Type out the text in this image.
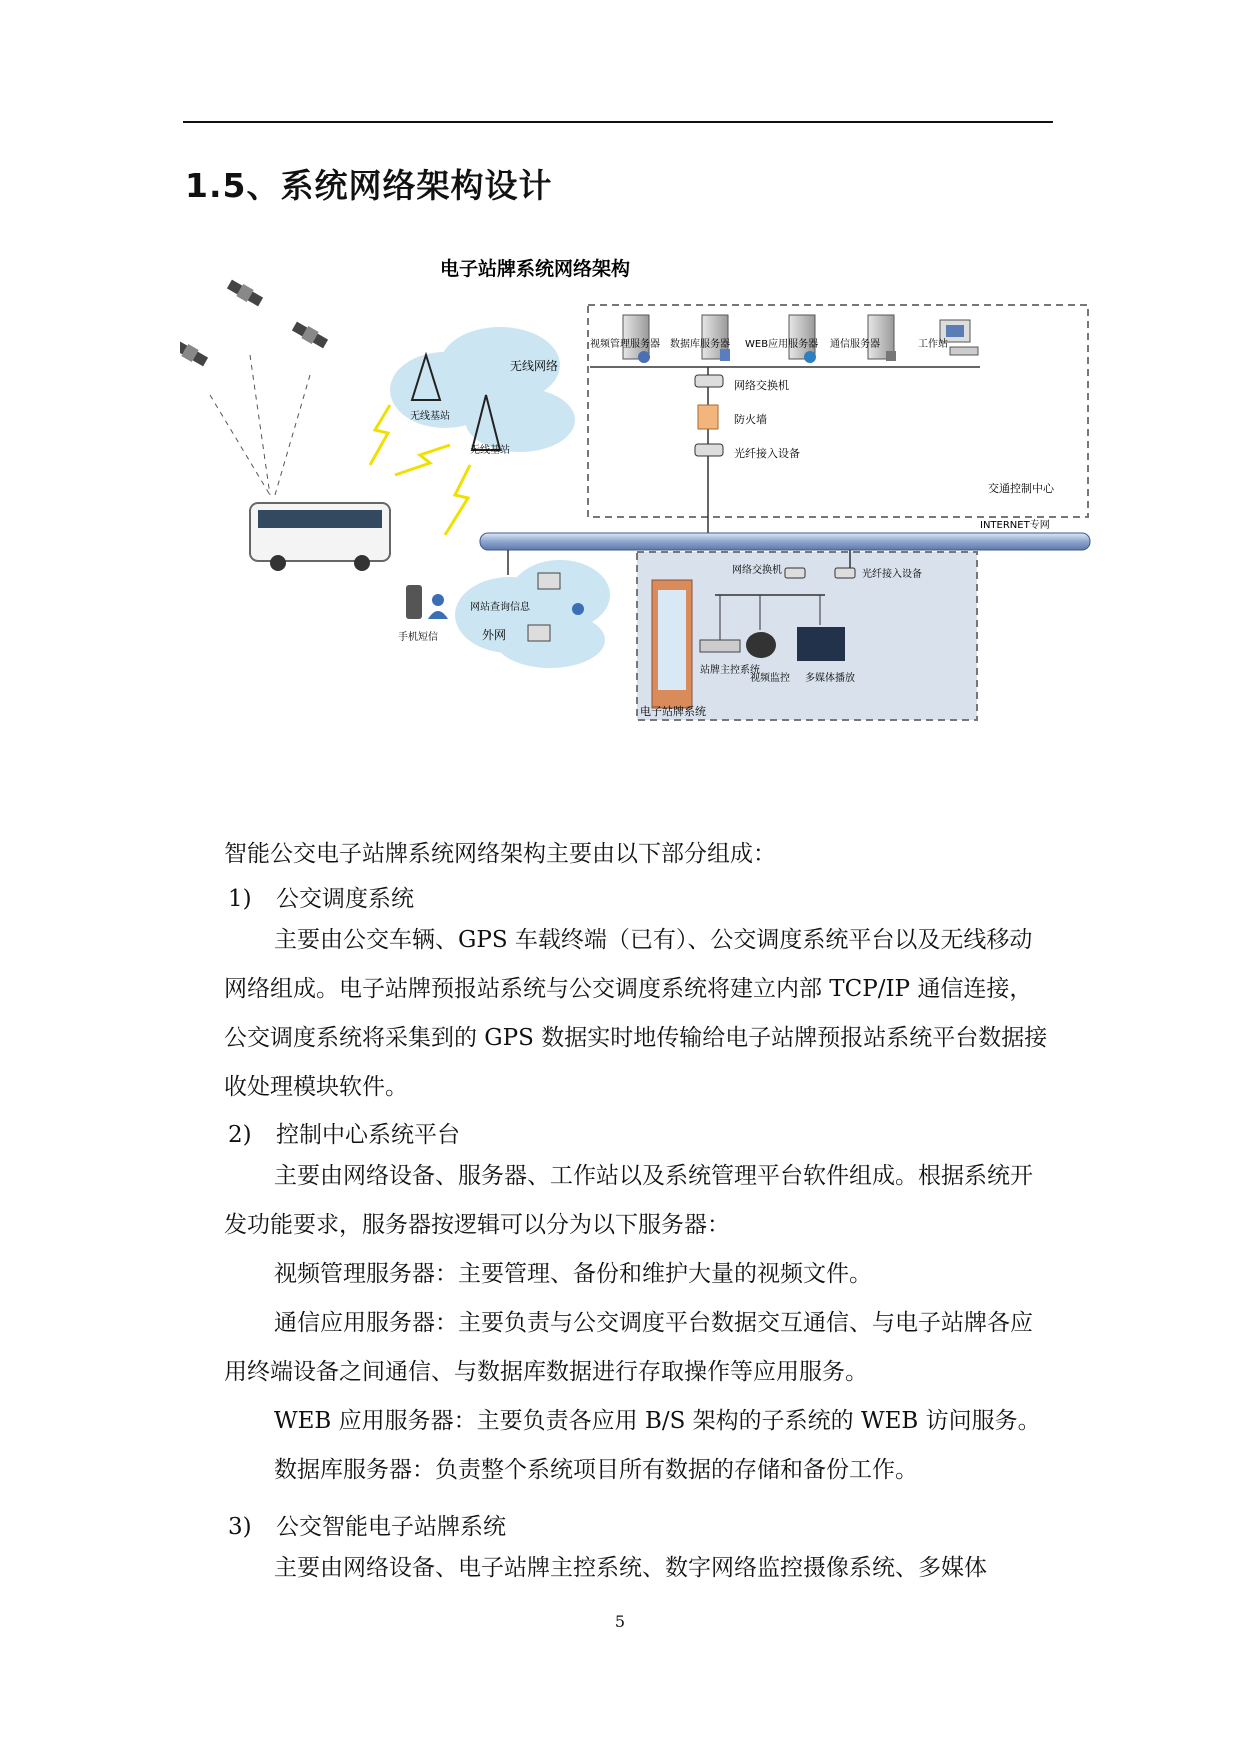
1.5、系统网络架构设计
电子站牌系统网络架构
视频管理服务器 数据库服务器 WEB应用服务器 通信服务器	工作站
网络交换机
防火墙
光纤接入设备
交通控制中心
INTERNET专网
无线网络
无线基站
无线基站
手机短信
网站查询信息
外网
网络交换机	光纤接入设备
站牌主控系统
视频监控 多媒体播放
电子站牌系统

智能公交电子站牌系统网络架构主要由以下部分组成：

1) 公交调度系统

主要由公交车辆、GPS 车载终端（已有）、公交调度系统平台以及无线移动网络组成。电子站牌预报站系统与公交调度系统将建立内部 TCP/IP 通信连接，公交调度系统将采集到的 GPS 数据实时地传输给电子站牌预报站系统平台数据接收处理模块软件。

2) 控制中心系统平台

主要由网络设备、服务器、工作站以及系统管理平台软件组成。根据系统开发功能要求，服务器按逻辑可以分为以下服务器：

视频管理服务器：主要管理、备份和维护大量的视频文件。

通信应用服务器：主要负责与公交调度平台数据交互通信、与电子站牌各应用终端设备之间通信、与数据库数据进行存取操作等应用服务。

WEB 应用服务器：主要负责各应用 B/S 架构的子系统的 WEB 访问服务。

数据库服务器：负责整个系统项目所有数据的存储和备份工作。

3) 公交智能电子站牌系统

主要由网络设备、电子站牌主控系统、数字网络监控摄像系统、多媒体

5
